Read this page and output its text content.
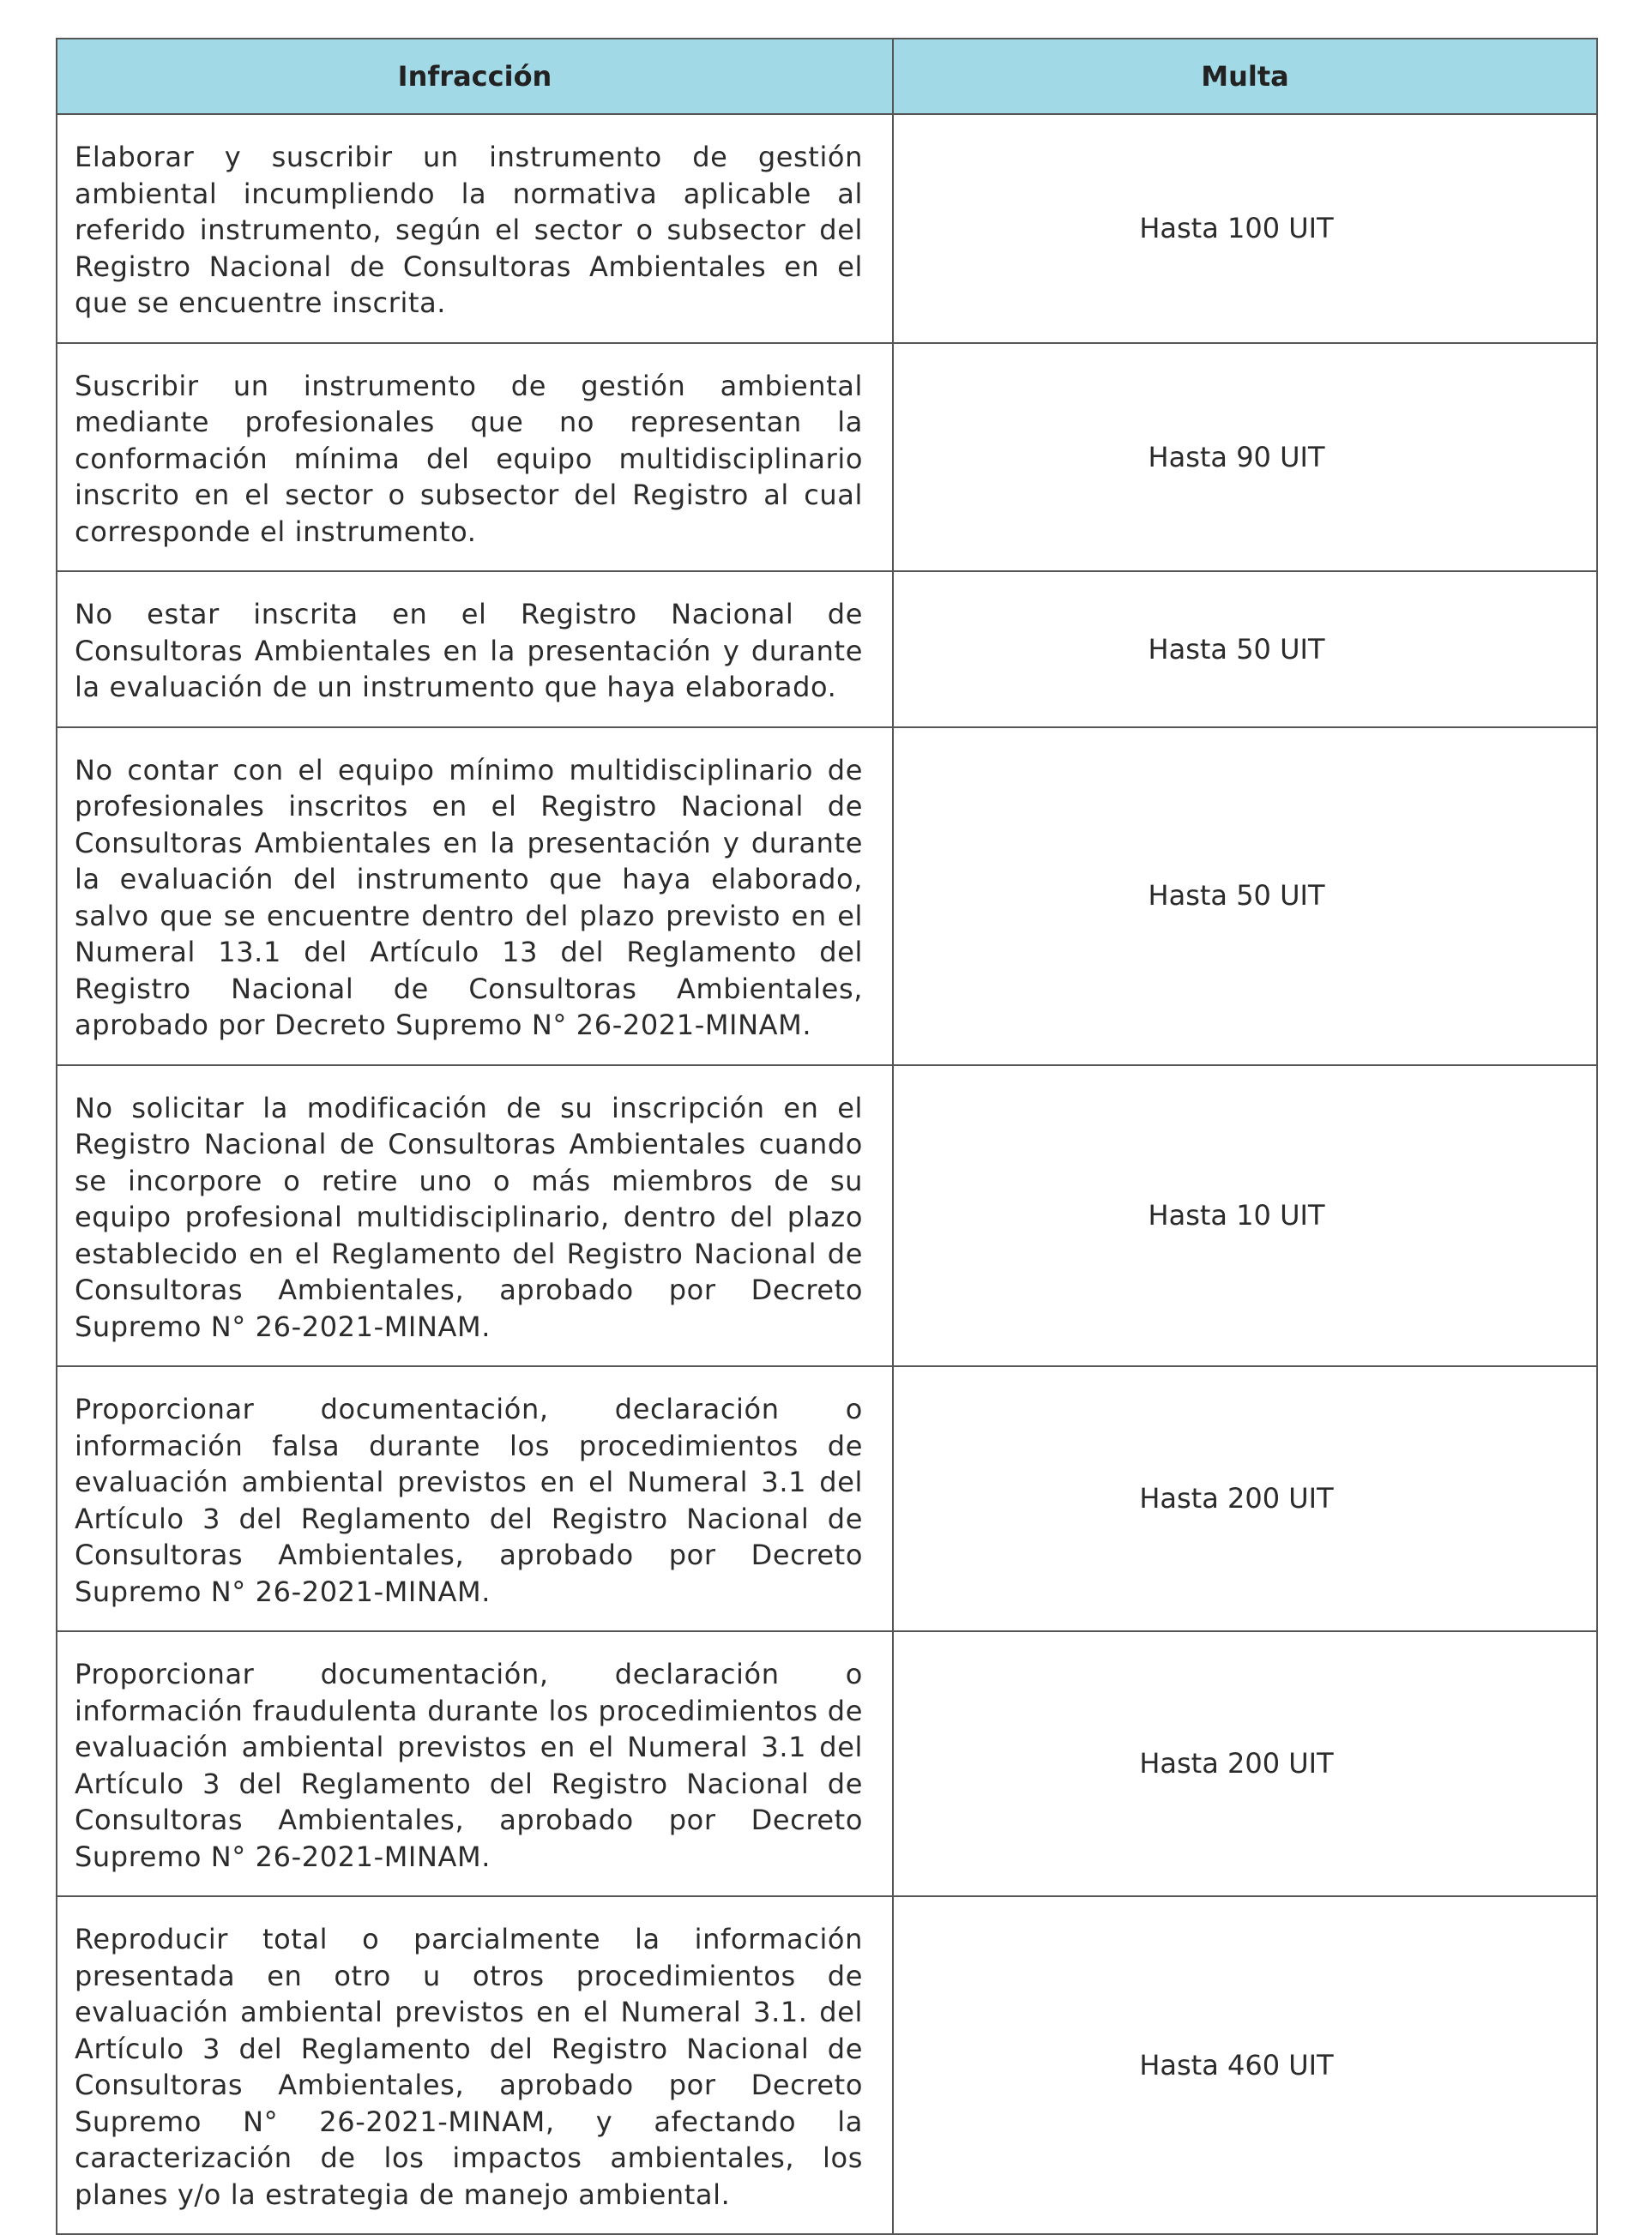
Infracción	Multa

Elaborar y suscribir un instrumento de gestión ambiental incumpliendo la normativa aplicable al referido instrumento, según el sector o subsector del Registro Nacional de Consultoras Ambientales en el que se encuentre inscrita.	Hasta 100 UIT

Suscribir un instrumento de gestión ambiental mediante profesionales que no representan la conformación mínima del equipo multidisciplinario inscrito en el sector o subsector del Registro al cual corresponde el instrumento.	Hasta 90 UIT

No estar inscrita en el Registro Nacional de Consultoras Ambientales en la presentación y durante la evaluación de un instrumento que haya elaborado.	Hasta 50 UIT

No contar con el equipo mínimo multidisciplinario de profesionales inscritos en el Registro Nacional de Consultoras Ambientales en la presentación y durante la evaluación del instrumento que haya elaborado, salvo que se encuentre dentro del plazo previsto en el Numeral 13.1 del Artículo 13 del Reglamento del Registro Nacional de Consultoras Ambientales, aprobado por Decreto Supremo N° 26-2021-MINAM.	Hasta 50 UIT

No solicitar la modificación de su inscripción en el Registro Nacional de Consultoras Ambientales cuando se incorpore o retire uno o más miembros de su equipo profesional multidisciplinario, dentro del plazo establecido en el Reglamento del Registro Nacional de Consultoras Ambientales, aprobado por Decreto Supremo N° 26-2021-MINAM.	Hasta 10 UIT

Proporcionar documentación, declaración o información falsa durante los procedimientos de evaluación ambiental previstos en el Numeral 3.1 del Artículo 3 del Reglamento del Registro Nacional de Consultoras Ambientales, aprobado por Decreto Supremo N° 26-2021-MINAM.	Hasta 200 UIT

Proporcionar documentación, declaración o información fraudulenta durante los procedimientos de evaluación ambiental previstos en el Numeral 3.1 del Artículo 3 del Reglamento del Registro Nacional de Consultoras Ambientales, aprobado por Decreto Supremo N° 26-2021-MINAM.	Hasta 200 UIT

Reproducir total o parcialmente la información presentada en otro u otros procedimientos de evaluación ambiental previstos en el Numeral 3.1. del Artículo 3 del Reglamento del Registro Nacional de Consultoras Ambientales, aprobado por Decreto Supremo N° 26-2021-MINAM, y afectando la caracterización de los impactos ambientales, los planes y/o la estrategia de manejo ambiental.	Hasta 460 UIT
